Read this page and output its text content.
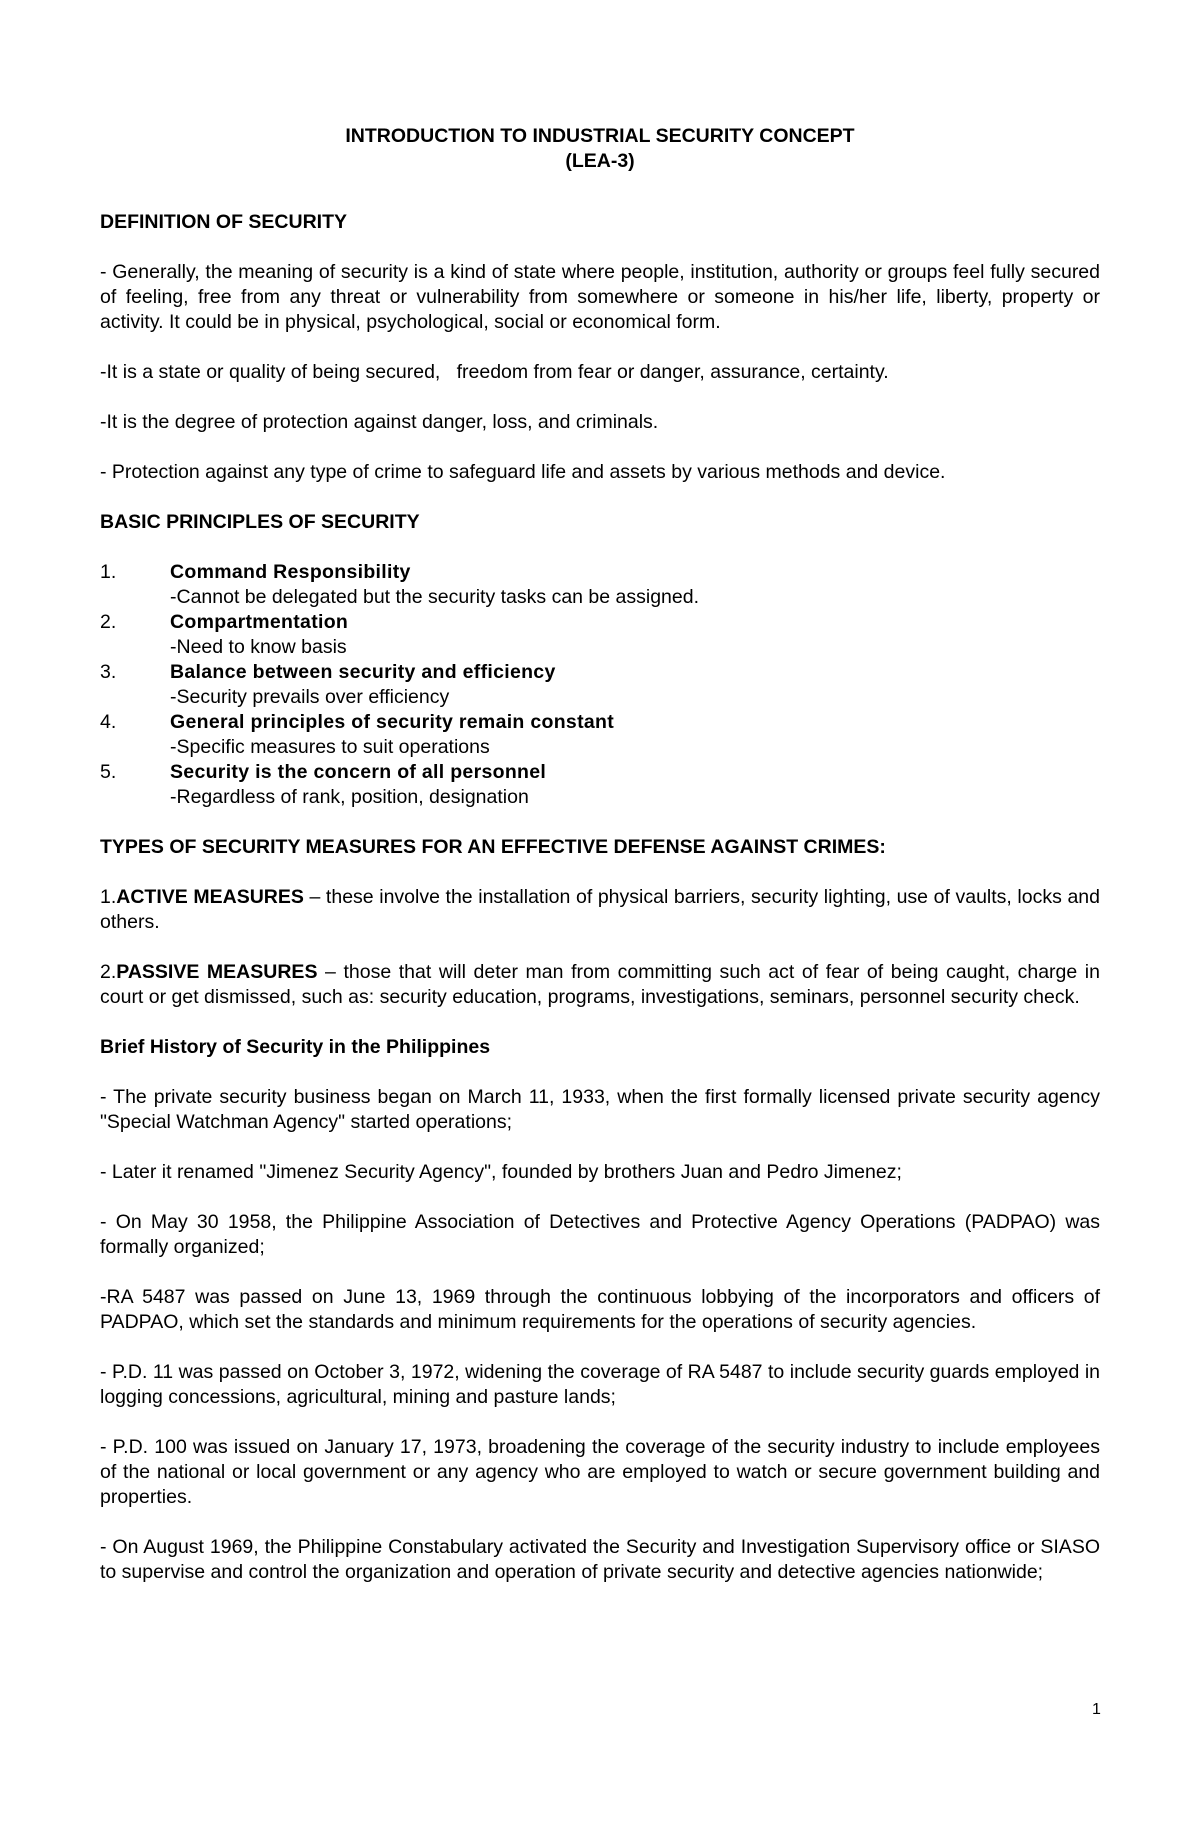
INTRODUCTION TO INDUSTRIAL SECURITY CONCEPT

(LEA-3)

DEFINITION OF SECURITY

- Generally, the meaning of security is a kind of state where people, institution, authority or groups feel fully secured of feeling, free from any threat or vulnerability from somewhere or someone in his/her life, liberty, property or activity. It could be in physical, psychological, social or economical form.

-It is a state or quality of being secured,   freedom from fear or danger, assurance, certainty.

-It is the degree of protection against danger, loss, and criminals.

- Protection against any type of crime to safeguard life and assets by various methods and device.

BASIC PRINCIPLES OF SECURITY

1.	Command Responsibility
-Cannot be delegated but the security tasks can be assigned.
2.	Compartmentation
-Need to know basis
3.	Balance between security and efficiency
-Security prevails over efficiency
4.	General principles of security remain constant
-Specific measures to suit operations
5.	Security is the concern of all personnel
-Regardless of rank, position, designation

TYPES OF SECURITY MEASURES FOR AN EFFECTIVE DEFENSE AGAINST CRIMES:

1.ACTIVE MEASURES – these involve the installation of physical barriers, security lighting, use of vaults, locks and others.

2.PASSIVE MEASURES – those that will deter man from committing such act of fear of being caught, charge in court or get dismissed, such as: security education, programs, investigations, seminars, personnel security check.

Brief History of Security in the Philippines

- The private security business began on March 11, 1933, when the first formally licensed private security agency "Special Watchman Agency" started operations;

- Later it renamed "Jimenez Security Agency", founded by brothers Juan and Pedro Jimenez;

- On May 30 1958, the Philippine Association of Detectives and Protective Agency Operations (PADPAO) was formally organized;

-RA 5487 was passed on June 13, 1969 through the continuous lobbying of the incorporators and officers of PADPAO, which set the standards and minimum requirements for the operations of security agencies.

- P.D. 11 was passed on October 3, 1972, widening the coverage of RA 5487 to include security guards employed in logging concessions, agricultural, mining and pasture lands;

- P.D. 100 was issued on January 17, 1973, broadening the coverage of the security industry to include employees of the national or local government or any agency who are employed to watch or secure government building and properties.

- On August 1969, the Philippine Constabulary activated the Security and Investigation Supervisory office or SIASO to supervise and control the organization and operation of private security and detective agencies nationwide;

1
